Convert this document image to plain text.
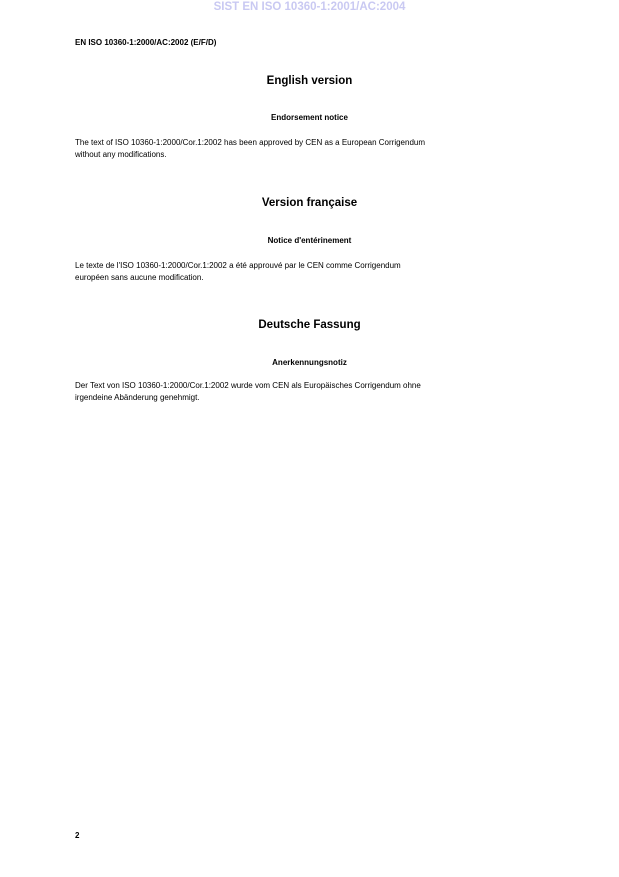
SIST EN ISO 10360-1:2001/AC:2004
EN ISO 10360-1:2000/AC:2002 (E/F/D)
English version
Endorsement notice
The text of ISO 10360-1:2000/Cor.1:2002 has been approved by CEN as a European Corrigendum
without any modifications.
Version française
Notice d'entérinement
Le texte de l'ISO 10360-1:2000/Cor.1:2002 a été approuvé par le CEN comme Corrigendum
européen sans aucune modification.
Deutsche Fassung
Anerkennungsnotiz
Der Text von ISO 10360-1:2000/Cor.1:2002 wurde vom CEN als Europäisches Corrigendum ohne
irgendeine Abänderung genehmigt.
2
